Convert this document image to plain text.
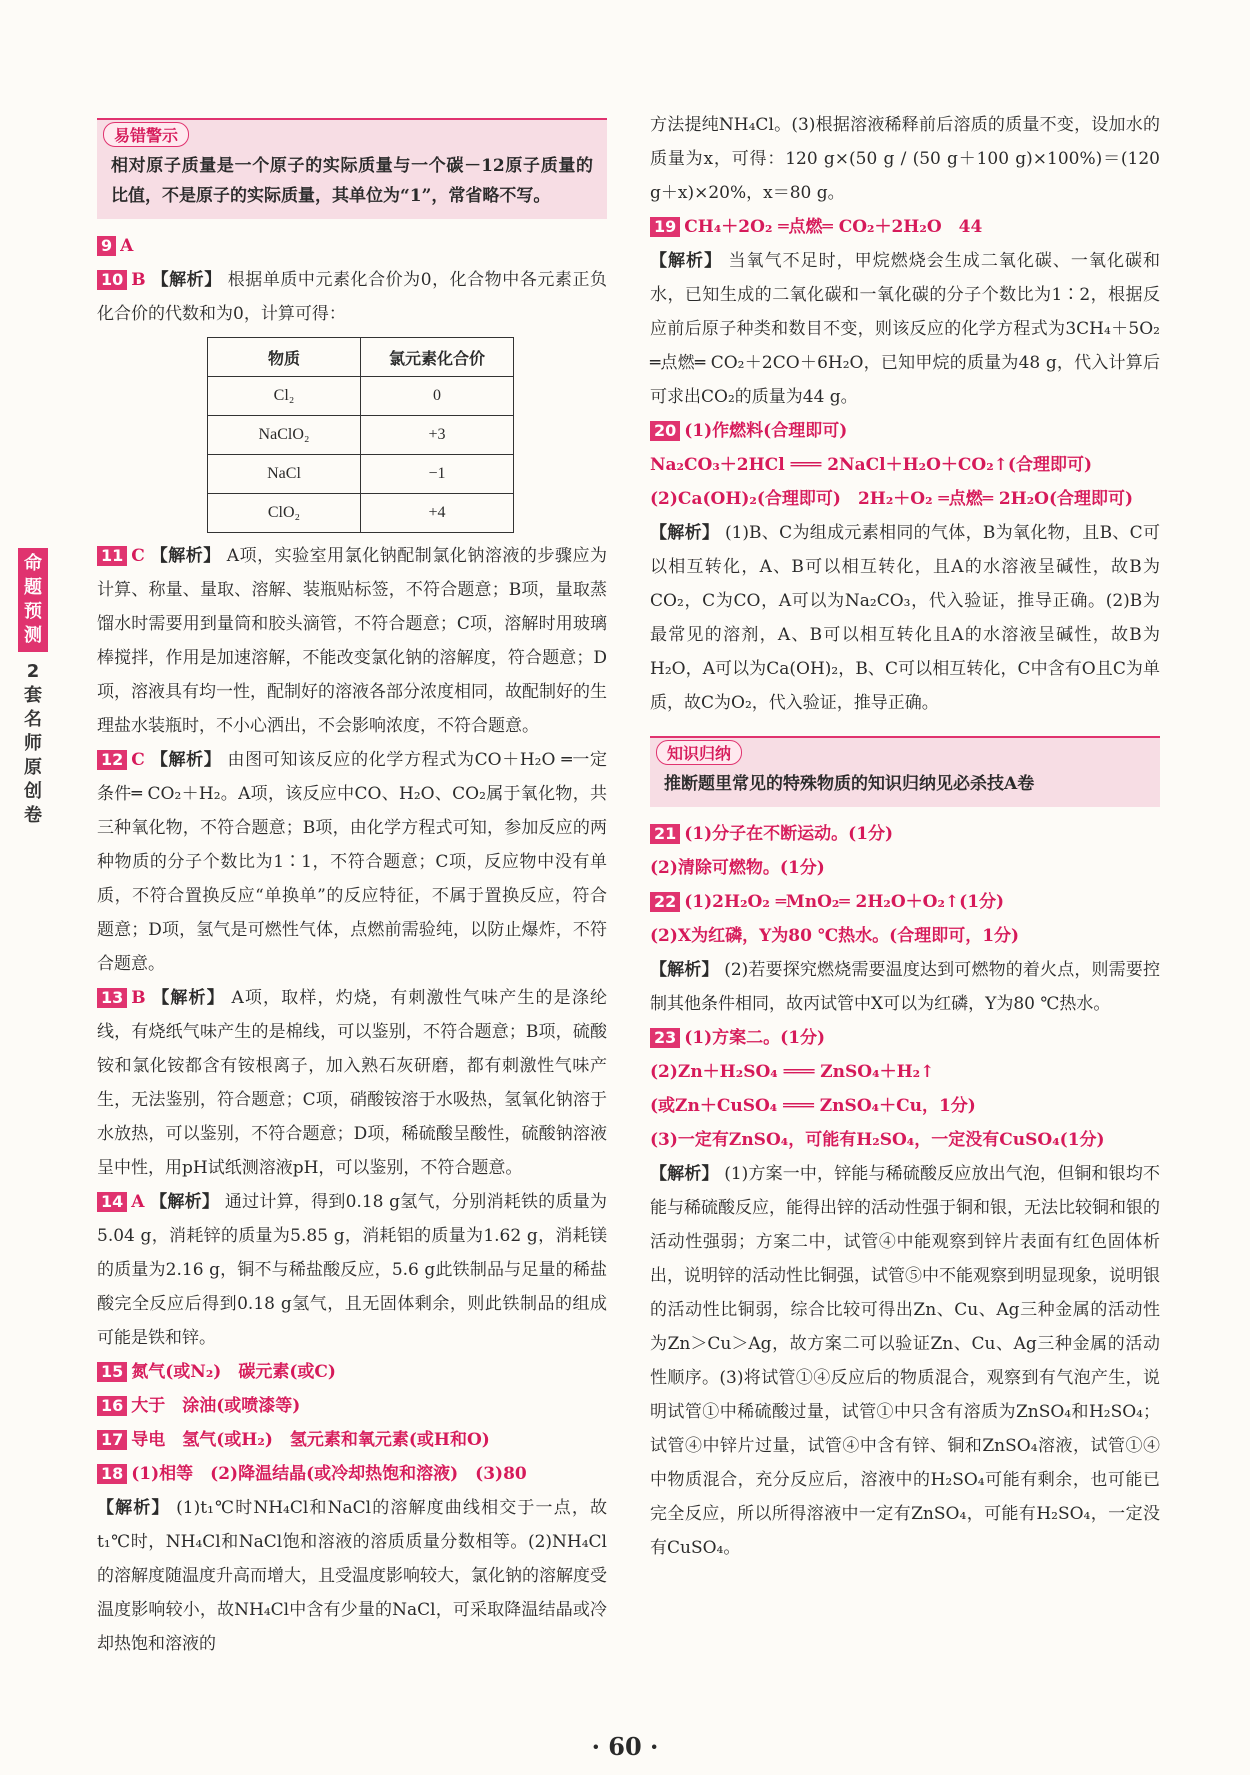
命题预测
2套名师原创卷
易错警示

相对原子质量是一个原子的实际质量与一个碳－12原子质量的比值，不是原子的实际质量，其单位为“1”，常省略不写。

9 A

10 B 【解析】 根据单质中元素化合价为0，化合物中各元素正负化合价的代数和为0，计算可得：

物质	氯元素化合价
Cl₂	0
NaClO₂	+3
NaCl	−1
ClO₂	+4

11 C 【解析】 A项，实验室用氯化钠配制氯化钠溶液的步骤应为计算、称量、量取、溶解、装瓶贴标签，不符合题意；B项，量取蒸馏水时需要用到量筒和胶头滴管，不符合题意；C项，溶解时用玻璃棒搅拌，作用是加速溶解，不能改变氯化钠的溶解度，符合题意；D项，溶液具有均一性，配制好的溶液各部分浓度相同，故配制好的生理盐水装瓶时，不小心洒出，不会影响浓度，不符合题意。

12 C 【解析】 由图可知该反应的化学方程式为CO＋H₂O ═一定条件═ CO₂＋H₂。A项，该反应中CO、H₂O、CO₂属于氧化物，共三种氧化物，不符合题意；B项，由化学方程式可知，参加反应的两种物质的分子个数比为1∶1，不符合题意；C项，反应物中没有单质，不符合置换反应“单换单”的反应特征，不属于置换反应，符合题意；D项，氢气是可燃性气体，点燃前需验纯，以防止爆炸，不符合题意。

13 B 【解析】 A项，取样，灼烧，有刺激性气味产生的是涤纶线，有烧纸气味产生的是棉线，可以鉴别，不符合题意；B项，硫酸铵和氯化铵都含有铵根离子，加入熟石灰研磨，都有刺激性气味产生，无法鉴别，符合题意；C项，硝酸铵溶于水吸热，氢氧化钠溶于水放热，可以鉴别，不符合题意；D项，稀硫酸呈酸性，硫酸钠溶液呈中性，用pH试纸测溶液pH，可以鉴别，不符合题意。

14 A 【解析】 通过计算，得到0.18 g氢气，分别消耗铁的质量为5.04 g，消耗锌的质量为5.85 g，消耗铝的质量为1.62 g，消耗镁的质量为2.16 g，铜不与稀盐酸反应，5.6 g此铁制品与足量的稀盐酸完全反应后得到0.18 g氢气，且无固体剩余，则此铁制品的组成可能是铁和锌。

15 氮气(或N₂)　碳元素(或C)

16 大于　涂油(或喷漆等)

17 导电　氢气(或H₂)　氢元素和氧元素(或H和O)

18 (1)相等　(2)降温结晶(或冷却热饱和溶液)　(3)80

【解析】 (1)t₁℃时NH₄Cl和NaCl的溶解度曲线相交于一点，故t₁℃时，NH₄Cl和NaCl饱和溶液的溶质质量分数相等。(2)NH₄Cl的溶解度随温度升高而增大，且受温度影响较大，氯化钠的溶解度受温度影响较小，故NH₄Cl中含有少量的NaCl，可采取降温结晶或冷却热饱和溶液的

方法提纯NH₄Cl。(3)根据溶液稀释前后溶质的质量不变，设加水的质量为x，可得：120 g×(50 g / (50 g＋100 g)×100%)＝(120 g＋x)×20%，x＝80 g。

19 CH₄＋2O₂ ═点燃═ CO₂＋2H₂O　44

【解析】 当氧气不足时，甲烷燃烧会生成二氧化碳、一氧化碳和水，已知生成的二氧化碳和一氧化碳的分子个数比为1∶2，根据反应前后原子种类和数目不变，则该反应的化学方程式为3CH₄＋5O₂ ═点燃═ CO₂＋2CO＋6H₂O，已知甲烷的质量为48 g，代入计算后可求出CO₂的质量为44 g。

20 (1)作燃料(合理即可)

Na₂CO₃＋2HCl ═══ 2NaCl＋H₂O＋CO₂↑(合理即可)

(2)Ca(OH)₂(合理即可)　2H₂＋O₂ ═点燃═ 2H₂O(合理即可)

【解析】 (1)B、C为组成元素相同的气体，B为氧化物，且B、C可以相互转化，A、B可以相互转化，且A的水溶液呈碱性，故B为CO₂，C为CO，A可以为Na₂CO₃，代入验证，推导正确。(2)B为最常见的溶剂，A、B可以相互转化且A的水溶液呈碱性，故B为H₂O，A可以为Ca(OH)₂，B、C可以相互转化，C中含有O且C为单质，故C为O₂，代入验证，推导正确。

知识归纳

推断题里常见的特殊物质的知识归纳见必杀技A卷

21 (1)分子在不断运动。(1分)

(2)清除可燃物。(1分)

22 (1)2H₂O₂ ═MnO₂═ 2H₂O＋O₂↑(1分)

(2)X为红磷，Y为80 ℃热水。(合理即可，1分)

【解析】 (2)若要探究燃烧需要温度达到可燃物的着火点，则需要控制其他条件相同，故丙试管中X可以为红磷，Y为80 ℃热水。

23 (1)方案二。(1分)

(2)Zn＋H₂SO₄ ═══ ZnSO₄＋H₂↑

(或Zn＋CuSO₄ ═══ ZnSO₄＋Cu，1分)

(3)一定有ZnSO₄，可能有H₂SO₄，一定没有CuSO₄(1分)

【解析】 (1)方案一中，锌能与稀硫酸反应放出气泡，但铜和银均不能与稀硫酸反应，能得出锌的活动性强于铜和银，无法比较铜和银的活动性强弱；方案二中，试管④中能观察到锌片表面有红色固体析出，说明锌的活动性比铜强，试管⑤中不能观察到明显现象，说明银的活动性比铜弱，综合比较可得出Zn、Cu、Ag三种金属的活动性为Zn＞Cu＞Ag，故方案二可以验证Zn、Cu、Ag三种金属的活动性顺序。(3)将试管①④反应后的物质混合，观察到有气泡产生，说明试管①中稀硫酸过量，试管①中只含有溶质为ZnSO₄和H₂SO₄；试管④中锌片过量，试管④中含有锌、铜和ZnSO₄溶液，试管①④中物质混合，充分反应后，溶液中的H₂SO₄可能有剩余，也可能已完全反应，所以所得溶液中一定有ZnSO₄，可能有H₂SO₄，一定没有CuSO₄。

· 60 ·
